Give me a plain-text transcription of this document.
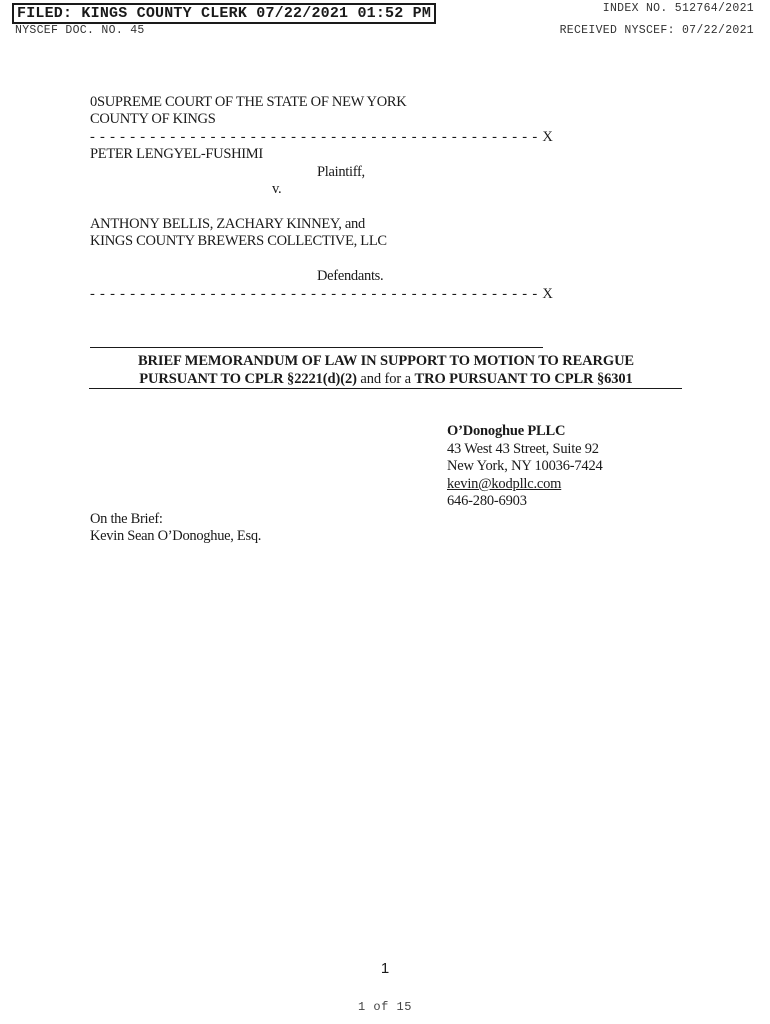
FILED: KINGS COUNTY CLERK 07/22/2021 01:52 PM
NYSCEF DOC. NO. 45
INDEX NO. 512764/2021
RECEIVED NYSCEF: 07/22/2021
0SUPREME COURT OF THE STATE OF NEW YORK
COUNTY OF KINGS
- - - - - - - - - - - - - - - - - - - - - - - - - - - - - - - - - - - - - - - - - - - - - X
PETER LENGYEL-FUSHIMI
Plaintiff,
v.
ANTHONY BELLIS, ZACHARY KINNEY, and
KINGS COUNTY BREWERS COLLECTIVE, LLC
Defendants.
- - - - - - - - - - - - - - - - - - - - - - - - - - - - - - - - - - - - - - - - - - - - - X
BRIEF MEMORANDUM OF LAW IN SUPPORT TO MOTION TO REARGUE
PURSUANT TO CPLR §2221(d)(2) and for a TRO PURSUANT TO CPLR §6301
O’Donoghue PLLC
43 West 43 Street, Suite 92
New York, NY 10036-7424
kevin@kodpllc.com
646-280-6903
On the Brief:
Kevin Sean O’Donoghue, Esq.
1
1 of 15
